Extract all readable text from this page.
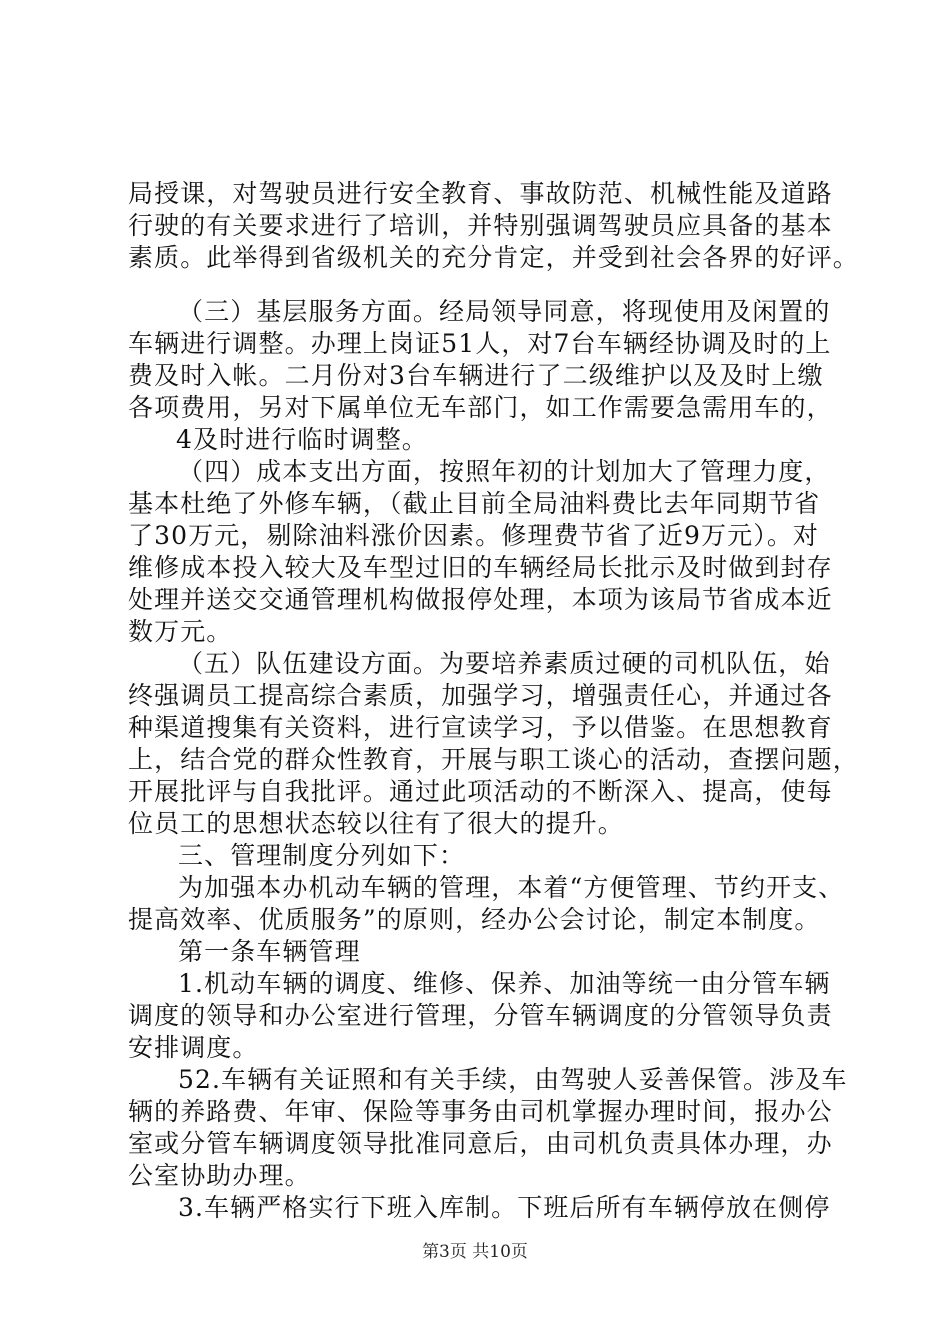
局授课，对驾驶员进行安全教育、事故防范、机械性能及道路
行驶的有关要求进行了培训，并特别强调驾驶员应具备的基本
素质。此举得到省级机关的充分肯定，并受到社会各界的好评。
（三）基层服务方面。经局领导同意，将现使用及闲置的
车辆进行调整。办理上岗证51人，对7台车辆经协调及时的上
费及时入帐。二月份对3台车辆进行了二级维护以及及时上缴
各项费用，另对下属单位无车部门，如工作需要急需用车的，
4及时进行临时调整。
（四）成本支出方面，按照年初的计划加大了管理力度，
基本杜绝了外修车辆，（截止目前全局油料费比去年同期节省
了30万元，剔除油料涨价因素。修理费节省了近9万元）。对
维修成本投入较大及车型过旧的车辆经局长批示及时做到封存
处理并送交交通管理机构做报停处理，本项为该局节省成本近
数万元。
（五）队伍建设方面。为要培养素质过硬的司机队伍，始
终强调员工提高综合素质，加强学习，增强责任心，并通过各
种渠道搜集有关资料，进行宣读学习，予以借鉴。在思想教育
上，结合党的群众性教育，开展与职工谈心的活动，查摆问题，
开展批评与自我批评。通过此项活动的不断深入、提高，使每
位员工的思想状态较以往有了很大的提升。
三、管理制度分列如下：
为加强本办机动车辆的管理，本着“方便管理、节约开支、
提高效率、优质服务”的原则，经办公会讨论，制定本制度。
第一条车辆管理
1.机动车辆的调度、维修、保养、加油等统一由分管车辆
调度的领导和办公室进行管理，分管车辆调度的分管领导负责
安排调度。
52.车辆有关证照和有关手续，由驾驶人妥善保管。涉及车
辆的养路费、年审、保险等事务由司机掌握办理时间，报办公
室或分管车辆调度领导批准同意后，由司机负责具体办理，办
公室协助办理。
3.车辆严格实行下班入库制。下班后所有车辆停放在侧停
第3页 共10页
